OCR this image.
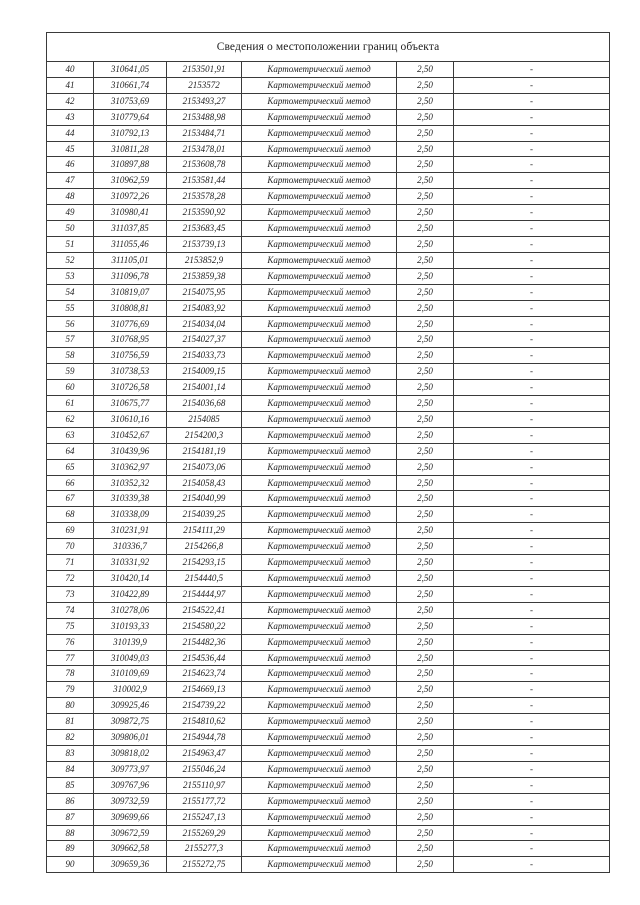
Сведения о местоположении границ объекта					
40	310641,05	2153501,91	Картометрический метод	2,50	-
41	310661,74	2153572	Картометрический метод	2,50	-
42	310753,69	2153493,27	Картометрический метод	2,50	-
43	310779,64	2153488,98	Картометрический метод	2,50	-
44	310792,13	2153484,71	Картометрический метод	2,50	-
45	310811,28	2153478,01	Картометрический метод	2,50	-
46	310897,88	2153608,78	Картометрический метод	2,50	-
47	310962,59	2153581,44	Картометрический метод	2,50	-
48	310972,26	2153578,28	Картометрический метод	2,50	-
49	310980,41	2153590,92	Картометрический метод	2,50	-
50	311037,85	2153683,45	Картометрический метод	2,50	-
51	311055,46	2153739,13	Картометрический метод	2,50	-
52	311105,01	2153852,9	Картометрический метод	2,50	-
53	311096,78	2153859,38	Картометрический метод	2,50	-
54	310819,07	2154075,95	Картометрический метод	2,50	-
55	310808,81	2154083,92	Картометрический метод	2,50	-
56	310776,69	2154034,04	Картометрический метод	2,50	-
57	310768,95	2154027,37	Картометрический метод	2,50	-
58	310756,59	2154033,73	Картометрический метод	2,50	-
59	310738,53	2154009,15	Картометрический метод	2,50	-
60	310726,58	2154001,14	Картометрический метод	2,50	-
61	310675,77	2154036,68	Картометрический метод	2,50	-
62	310610,16	2154085	Картометрический метод	2,50	-
63	310452,67	2154200,3	Картометрический метод	2,50	-
64	310439,96	2154181,19	Картометрический метод	2,50	-
65	310362,97	2154073,06	Картометрический метод	2,50	-
66	310352,32	2154058,43	Картометрический метод	2,50	-
67	310339,38	2154040,99	Картометрический метод	2,50	-
68	310338,09	2154039,25	Картометрический метод	2,50	-
69	310231,91	2154111,29	Картометрический метод	2,50	-
70	310336,7	2154266,8	Картометрический метод	2,50	-
71	310331,92	2154293,15	Картометрический метод	2,50	-
72	310420,14	2154440,5	Картометрический метод	2,50	-
73	310422,89	2154444,97	Картометрический метод	2,50	-
74	310278,06	2154522,41	Картометрический метод	2,50	-
75	310193,33	2154580,22	Картометрический метод	2,50	-
76	310139,9	2154482,36	Картометрический метод	2,50	-
77	310049,03	2154536,44	Картометрический метод	2,50	-
78	310109,69	2154623,74	Картометрический метод	2,50	-
79	310002,9	2154669,13	Картометрический метод	2,50	-
80	309925,46	2154739,22	Картометрический метод	2,50	-
81	309872,75	2154810,62	Картометрический метод	2,50	-
82	309806,01	2154944,78	Картометрический метод	2,50	-
83	309818,02	2154963,47	Картометрический метод	2,50	-
84	309773,97	2155046,24	Картометрический метод	2,50	-
85	309767,96	2155110,97	Картометрический метод	2,50	-
86	309732,59	2155177,72	Картометрический метод	2,50	-
87	309699,66	2155247,13	Картометрический метод	2,50	-
88	309672,59	2155269,29	Картометрический метод	2,50	-
89	309662,58	2155277,3	Картометрический метод	2,50	-
90	309659,36	2155272,75	Картометрический метод	2,50	-
